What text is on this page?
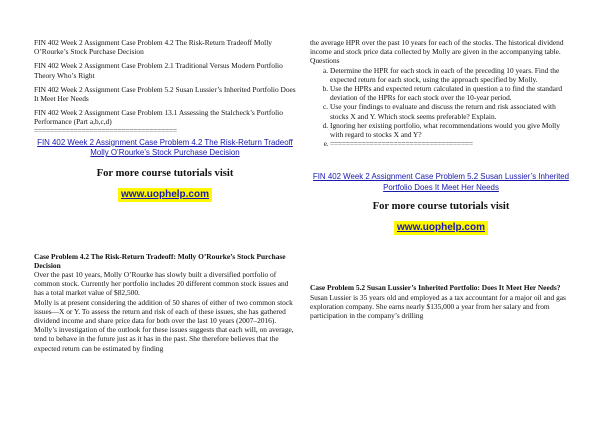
FIN 402 Week 2 Assignment Case Problem 4.2 The Risk-Return Tradeoff Molly O’Rourke’s Stock Purchase Decision

FIN 402 Week 2 Assignment Case Problem 2.1 Traditional Versus Modern Portfolio Theory Who’s Right

FIN 402 Week 2 Assignment Case Problem 5.2 Susan Lussier’s Inherited Portfolio Does It Meet Her Needs

FIN 402 Week 2 Assignment Case Problem 13.1 Assessing the Stalcheck’s Portfolio Performance (Part a,b,c,d)

====================================
FIN 402 Week 2 Assignment Case Problem 4.2 The Risk-Return Tradeoff Molly O’Rourke’s Stock Purchase Decision

For more course tutorials visit

www.uophelp.com

Case Problem 4.2 The Risk-Return Tradeoff: Molly O’Rourke’s Stock Purchase Decision

Over the past 10 years, Molly O’Rourke has slowly built a diversified portfolio of common stock. Currently her portfolio includes 20 different common stock issues and has a total market value of $82,500.

Molly is at present considering the addition of 50 shares of either of two common stock issues—X or Y. To assess the return and risk of each of these issues, she has gathered dividend income and share price data for both over the last 10 years (2007–2016). Molly’s investigation of the outlook for these issues suggests that each will, on average, tend to behave in the future just as it has in the past. She therefore believes that the expected return can be estimated by finding

the average HPR over the past 10 years for each of the stocks. The historical dividend income and stock price data collected by Molly are given in the accompanying table.

Questions

a. Determine the HPR for each stock in each of the preceding 10 years. Find the expected return for each stock, using the approach specified by Molly.
b. Use the HPRs and expected return calculated in question a to find the standard deviation of the HPRs for each stock over the 10-year period.
c. Use your findings to evaluate and discuss the return and risk associated with stocks X and Y. Which stock seems preferable? Explain.
d. Ignoring her existing portfolio, what recommendations would you give Molly with regard to stocks X and Y?
e. ====================================
FIN 402 Week 2 Assignment Case Problem 5.2 Susan Lussier’s Inherited Portfolio Does It Meet Her Needs

For more course tutorials visit

www.uophelp.com

Case Problem 5.2 Susan Lussier’s Inherited Portfolio: Does It Meet Her Needs?

Susan Lussier is 35 years old and employed as a tax accountant for a major oil and gas exploration company. She earns nearly $135,000 a year from her salary and from participation in the company’s drilling
